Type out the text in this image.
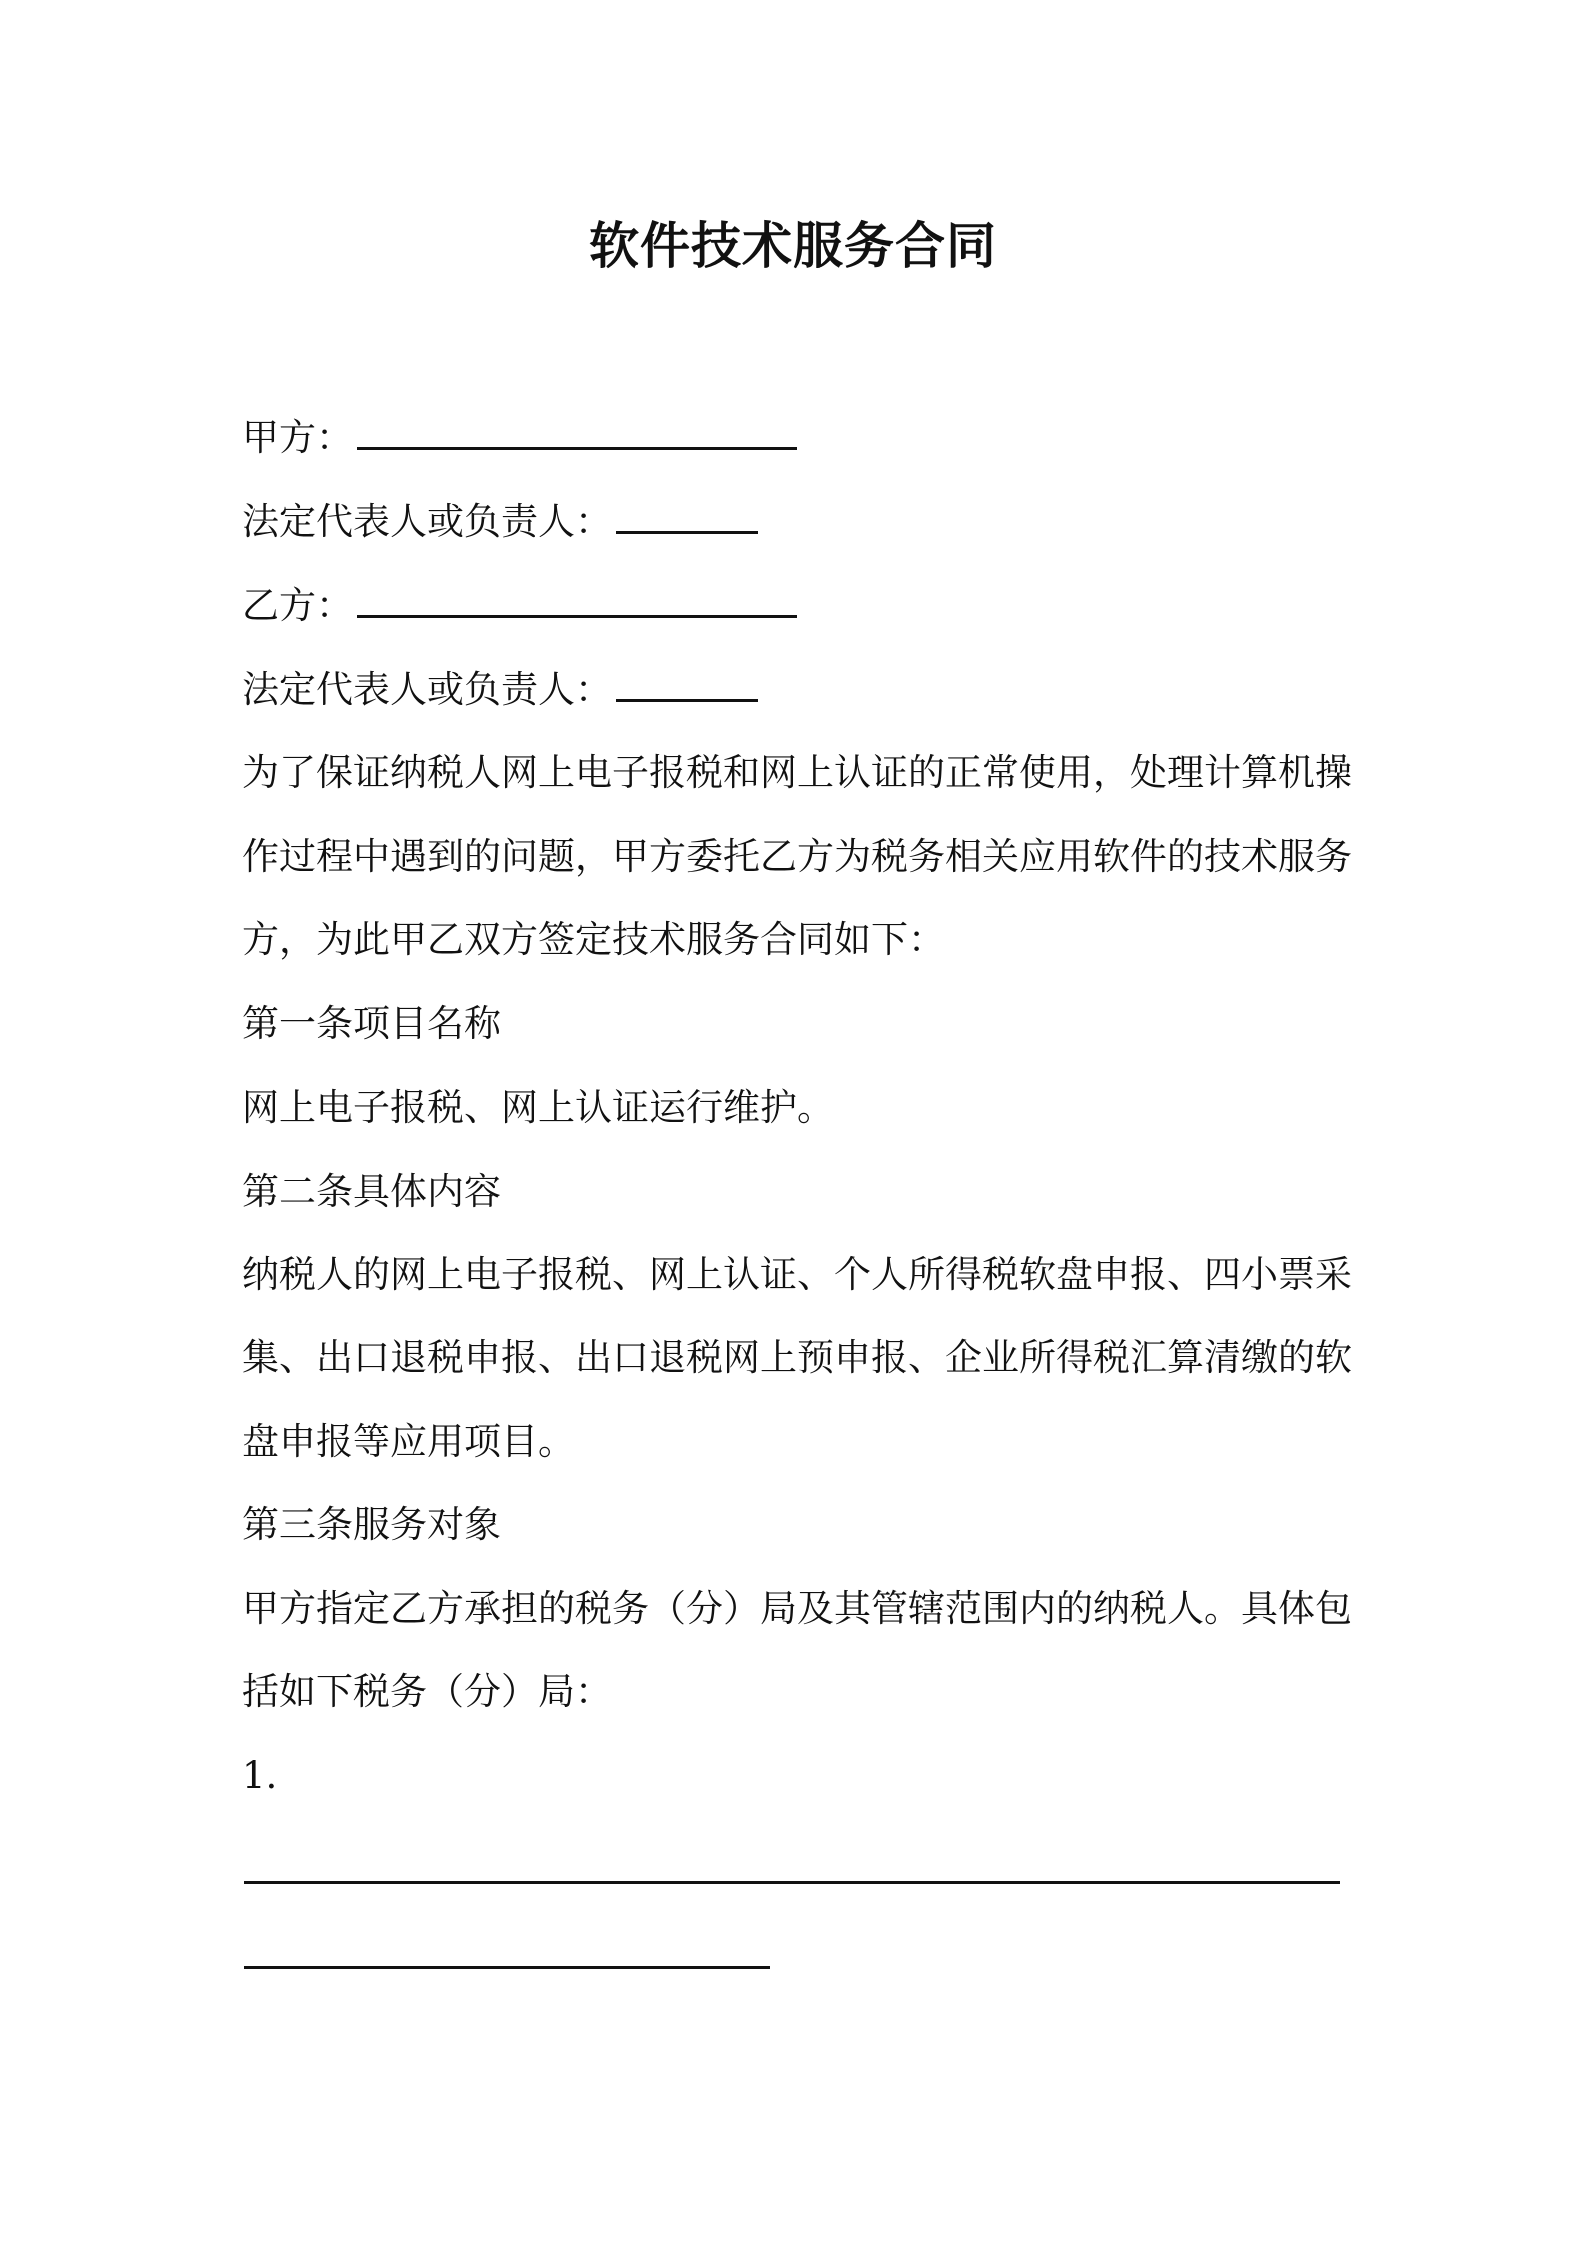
软件技术服务合同

甲方：

法定代表人或负责人：

乙方：

法定代表人或负责人：

为了保证纳税人网上电子报税和网上认证的正常使用，处理计算机操

作过程中遇到的问题，甲方委托乙方为税务相关应用软件的技术服务

方，为此甲乙双方签定技术服务合同如下：

第一条项目名称

网上电子报税、网上认证运行维护。

第二条具体内容

纳税人的网上电子报税、网上认证、个人所得税软盘申报、四小票采

集、出口退税申报、出口退税网上预申报、企业所得税汇算清缴的软

盘申报等应用项目。

第三条服务对象

甲方指定乙方承担的税务（分）局及其管辖范围内的纳税人。具体包

括如下税务（分）局：

1.
